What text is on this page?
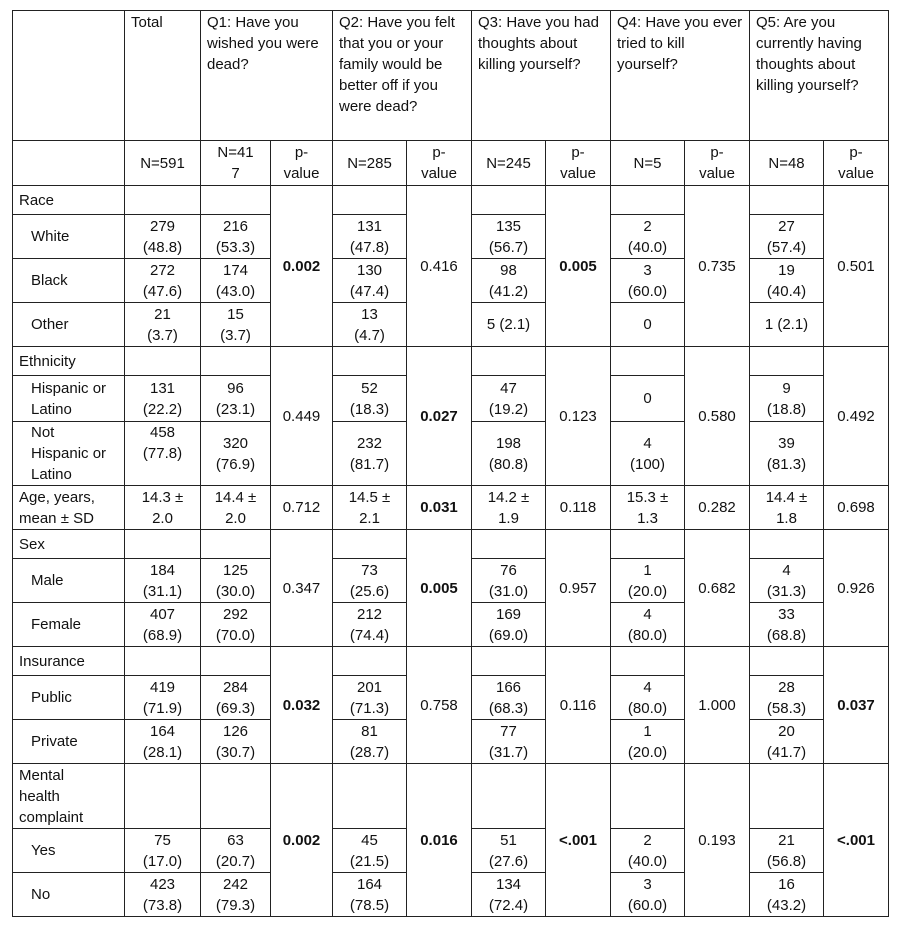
	Total	Q1: Have you wished you were dead?		Q2: Have you felt that you or your family would be better off if you were dead?		Q3: Have you had thoughts about killing yourself?		Q4: Have you ever tried to kill yourself?		Q5: Are you currently having thoughts about killing yourself?	
	N=591	N=41
7	p-
value	N=285	p-
value	N=245	p-
value	N=5	p-
value	N=48	p-
value
Race			0.002		0.416		0.005		0.735		0.501
White	279
(48.8)	216
(53.3)		131
(47.8)		135
(56.7)		2
(40.0)		27
(57.4)	
Black	272
(47.6)	174
(43.0)		130
(47.4)		98
(41.2)		3
(60.0)		19
(40.4)	
Other	21
(3.7)	15
(3.7)		13
(4.7)		5 (2.1)		0		1 (2.1)	
Ethnicity			0.449		0.027		0.123		0.580		0.492
Hispanic or
Latino	131
(22.2)	96
(23.1)		52
(18.3)		47
(19.2)		0		9
(18.8)	
Not
Hispanic or
Latino	458
(77.8)	320
(76.9)		232
(81.7)		198
(80.8)		4
(100)		39
(81.3)	
Age, years,
mean ± SD	14.3 ±
2.0	14.4 ±
2.0	0.712	14.5 ±
2.1	0.031	14.2 ±
1.9	0.118	15.3 ±
1.3	0.282	14.4 ±
1.8	0.698
Sex			0.347		0.005		0.957		0.682		0.926
Male	184
(31.1)	125
(30.0)		73
(25.6)		76
(31.0)		1
(20.0)		4
(31.3)	
Female	407
(68.9)	292
(70.0)		212
(74.4)		169
(69.0)		4
(80.0)		33
(68.8)	
Insurance			0.032		0.758		0.116		1.000		0.037
Public	419
(71.9)	284
(69.3)		201
(71.3)		166
(68.3)		4
(80.0)		28
(58.3)	
Private	164
(28.1)	126
(30.7)		81
(28.7)		77
(31.7)		1
(20.0)		20
(41.7)	
Mental
health
complaint			0.002		0.016		<.001		0.193		<.001
Yes	75
(17.0)	63
(20.7)		45
(21.5)		51
(27.6)		2
(40.0)		21
(56.8)	
No	423
(73.8)	242
(79.3)		164
(78.5)		134
(72.4)		3
(60.0)		16
(43.2)	
